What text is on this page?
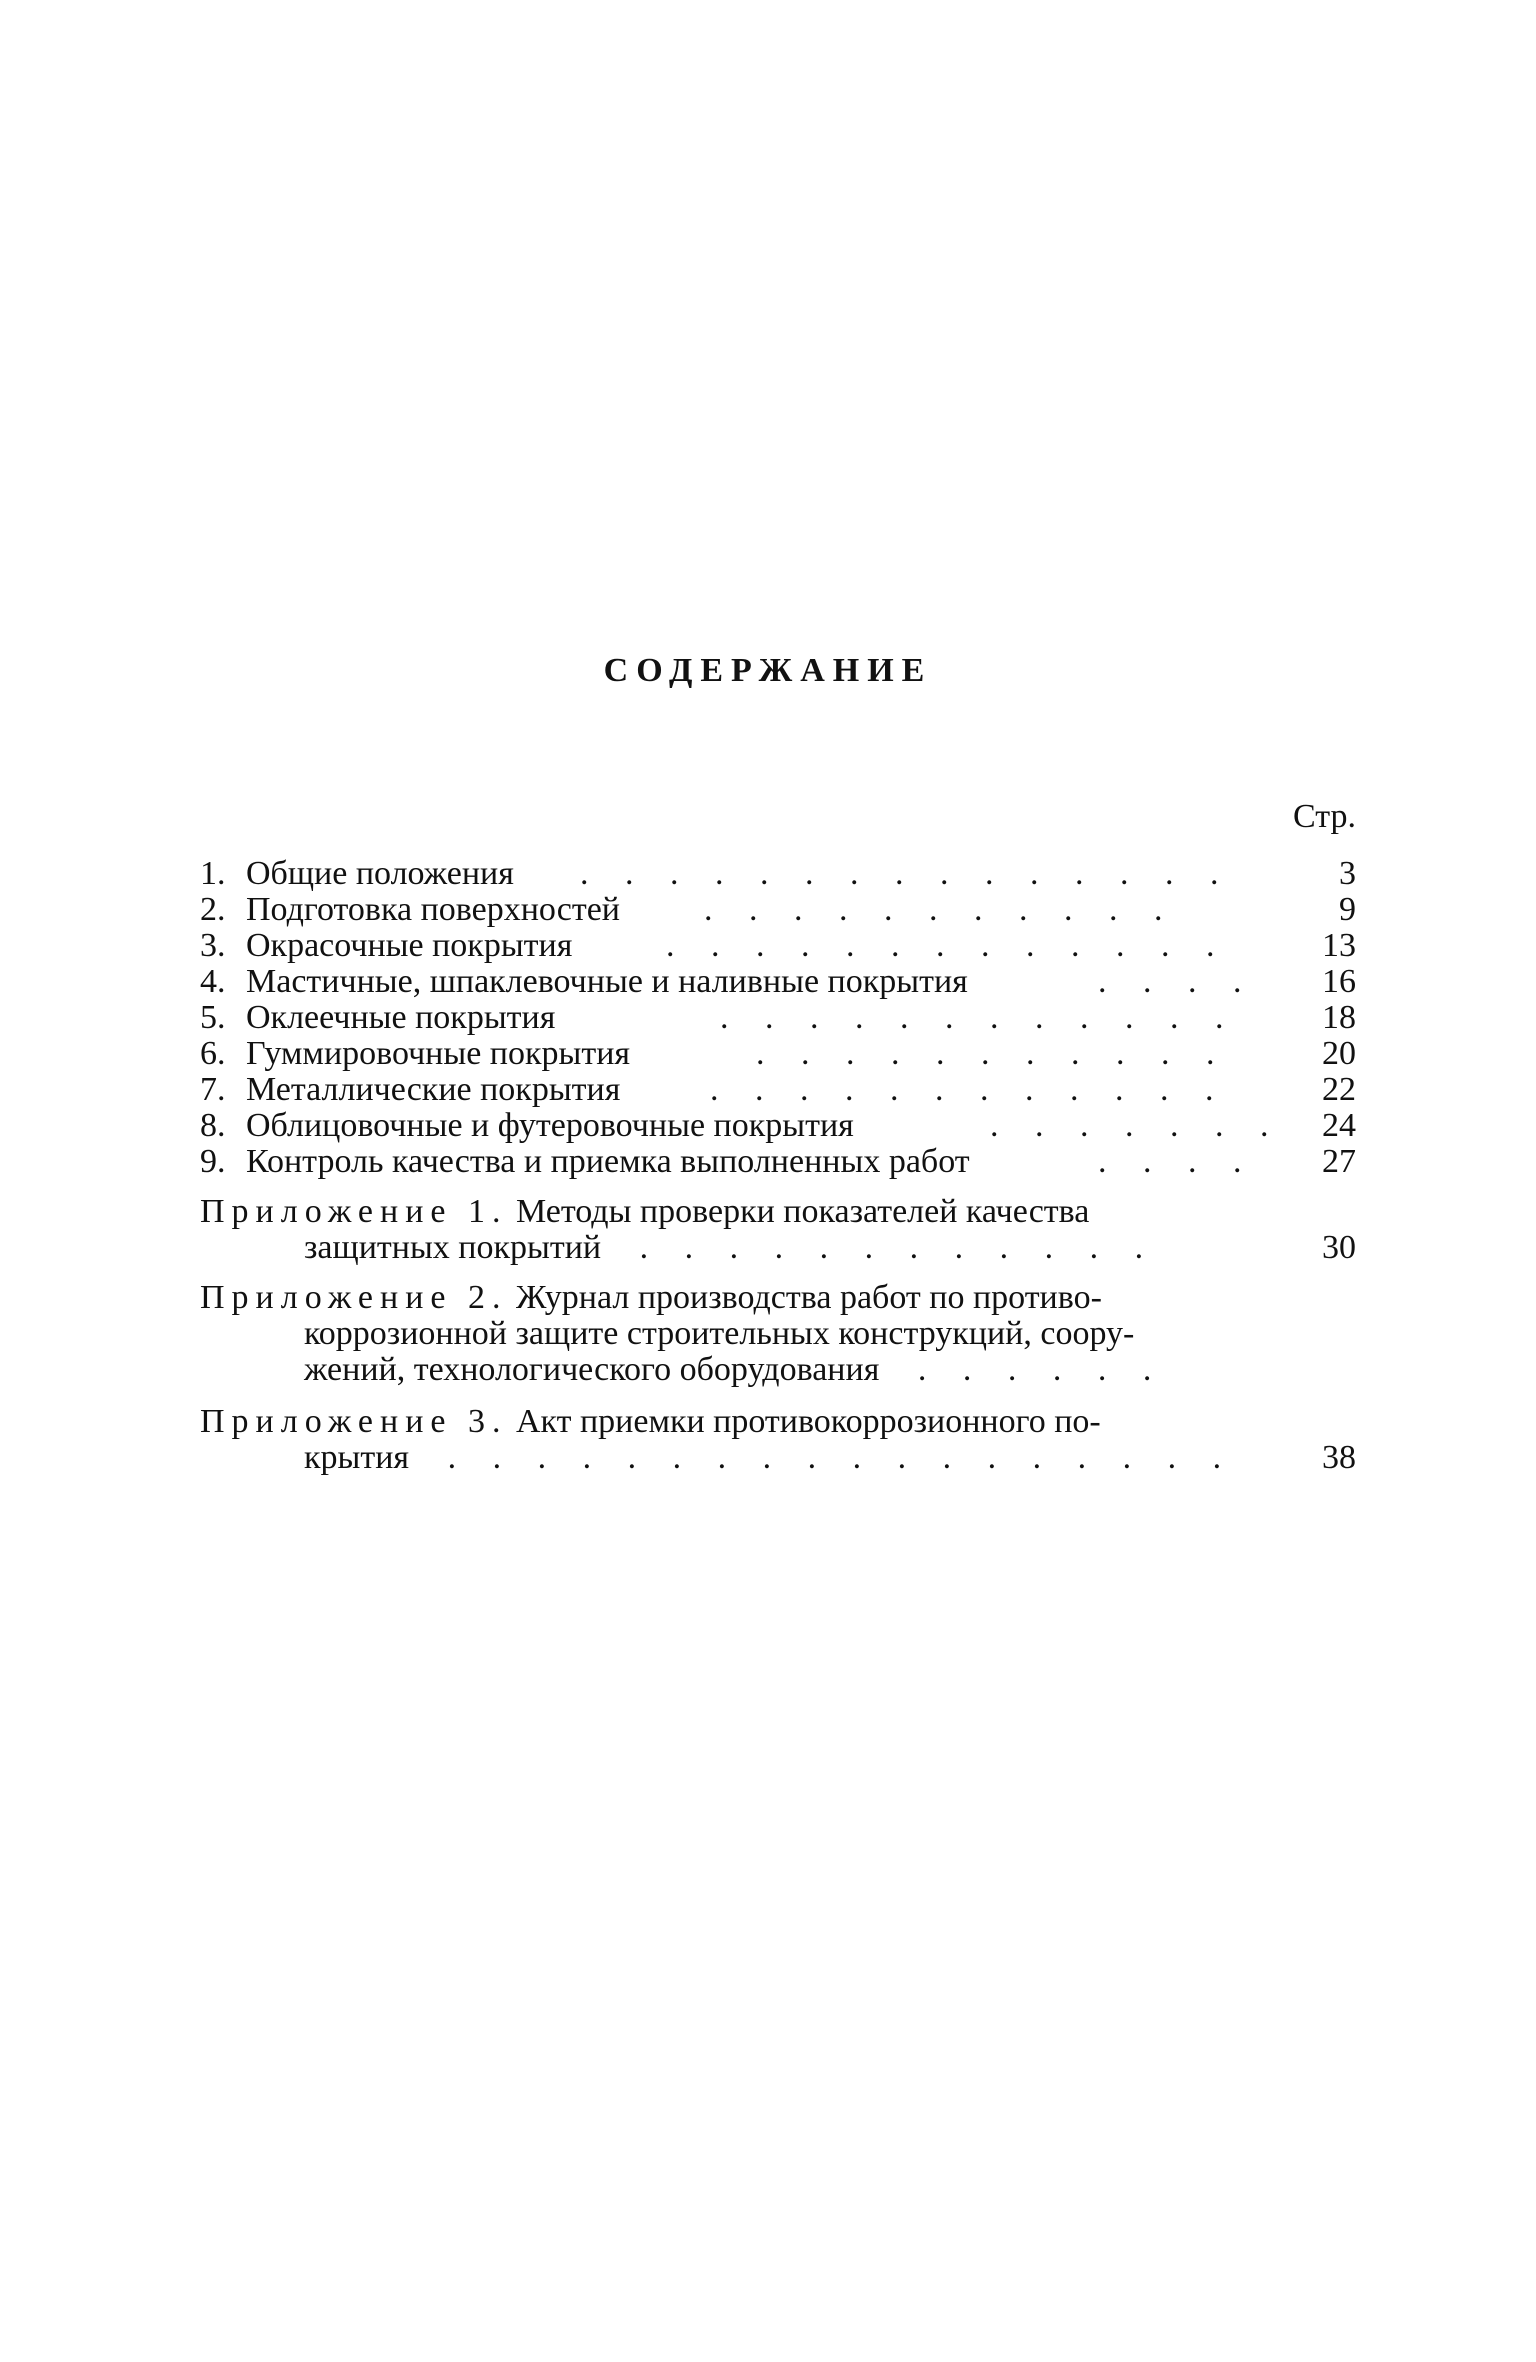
СОДЕРЖАНИЕ
Стр.
1. Общие положения . . . . . . . . . . . . . . .	3
2. Подготовка поверхностей . . . . . . . . . . .	9
3. Окрасочные покрытия	. . . . . . . . . . . . .	13
4. Мастичные, шпаклевочные и наливные покрытия	. . . .	16
5. Оклеечные покрытия	. . . . . . . . . . . .	18
6. Гуммировочные покрытия	. . . . . . . . . . .	20
7. Металлические покрытия	. . . . . . . . . . . .	22
8. Облицовочные и футеровочные покрытия	. . . . . . .	24
9. Контроль качества и приемка выполненных работ	. . . .	27
Приложение 1. Методы проверки показателей качества
защитных покрытий . . . . . . . . . . . .	30
Приложение 2. Журнал производства работ по противо-
коррозионной защите строительных конструкций, соору-
жений, технологического оборудования . . . . . .
Приложение 3. Акт приемки противокоррозионного по-
крытия . . . . . . . . . . . . . . . . . .	38
